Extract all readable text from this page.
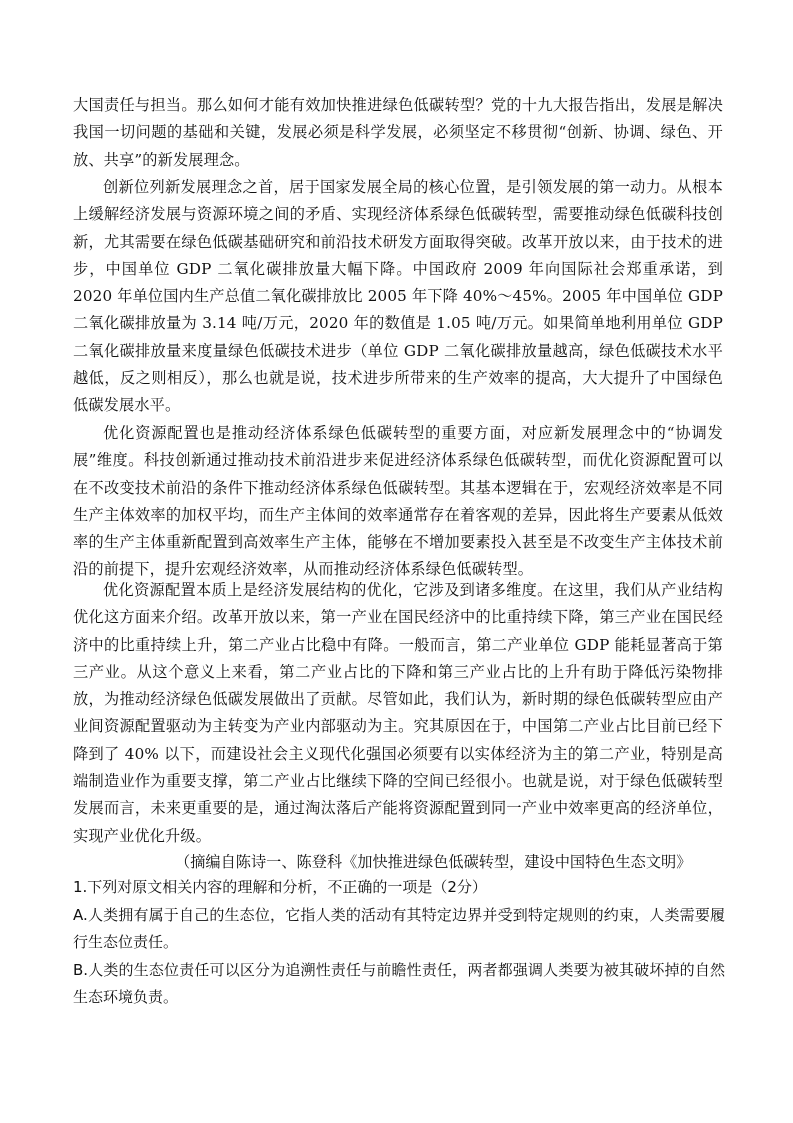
大国责任与担当。那么如何才能有效加快推进绿色低碳转型？党的十九大报告指出，发展是解决我国一切问题的基础和关键，发展必须是科学发展，必须坚定不移贯彻“创新、协调、绿色、开放、共享”的新发展理念。

创新位列新发展理念之首，居于国家发展全局的核心位置，是引领发展的第一动力。从根本上缓解经济发展与资源环境之间的矛盾、实现经济体系绿色低碳转型，需要推动绿色低碳科技创新，尤其需要在绿色低碳基础研究和前沿技术研发方面取得突破。改革开放以来，由于技术的进步，中国单位 GDP 二氧化碳排放量大幅下降。中国政府 2009 年向国际社会郑重承诺，到 2020 年单位国内生产总值二氧化碳排放比 2005 年下降 40%～45%。2005 年中国单位 GDP 二氧化碳排放量为 3.14 吨/万元，2020 年的数值是 1.05 吨/万元。如果简单地利用单位 GDP 二氧化碳排放量来度量绿色低碳技术进步（单位 GDP 二氧化碳排放量越高，绿色低碳技术水平越低，反之则相反），那么也就是说，技术进步所带来的生产效率的提高，大大提升了中国绿色低碳发展水平。

优化资源配置也是推动经济体系绿色低碳转型的重要方面，对应新发展理念中的“协调发展”维度。科技创新通过推动技术前沿进步来促进经济体系绿色低碳转型，而优化资源配置可以在不改变技术前沿的条件下推动经济体系绿色低碳转型。其基本逻辑在于，宏观经济效率是不同生产主体效率的加权平均，而生产主体间的效率通常存在着客观的差异，因此将生产要素从低效率的生产主体重新配置到高效率生产主体，能够在不增加要素投入甚至是不改变生产主体技术前沿的前提下，提升宏观经济效率，从而推动经济体系绿色低碳转型。

优化资源配置本质上是经济发展结构的优化，它涉及到诸多维度。在这里，我们从产业结构优化这方面来介绍。改革开放以来，第一产业在国民经济中的比重持续下降，第三产业在国民经济中的比重持续上升，第二产业占比稳中有降。一般而言，第二产业单位 GDP 能耗显著高于第三产业。从这个意义上来看，第二产业占比的下降和第三产业占比的上升有助于降低污染物排放，为推动经济绿色低碳发展做出了贡献。尽管如此，我们认为，新时期的绿色低碳转型应由产业间资源配置驱动为主转变为产业内部驱动为主。究其原因在于，中国第二产业占比目前已经下降到了 40% 以下，而建设社会主义现代化强国必须要有以实体经济为主的第二产业，特别是高端制造业作为重要支撑，第二产业占比继续下降的空间已经很小。也就是说，对于绿色低碳转型发展而言，未来更重要的是，通过淘汰落后产能将资源配置到同一产业中效率更高的经济单位，实现产业优化升级。

（摘编自陈诗一、陈登科《加快推进绿色低碳转型，建设中国特色生态文明》

1.下列对原文相关内容的理解和分析，不正确的一项是（2分）

A.人类拥有属于自己的生态位，它指人类的活动有其特定边界并受到特定规则的约束，人类需要履行生态位责任。

B.人类的生态位责任可以区分为追溯性责任与前瞻性责任，两者都强调人类要为被其破坏掉的自然生态环境负责。
